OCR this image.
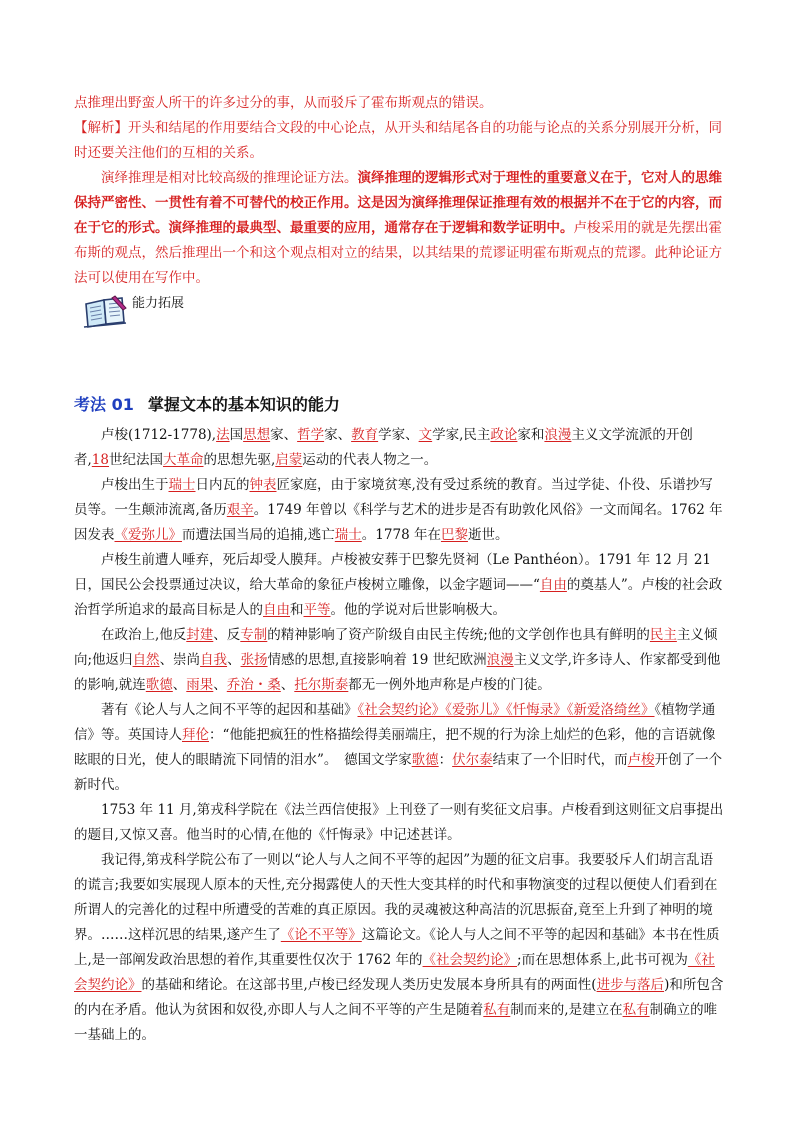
点推理出野蛮人所干的许多过分的事，从而驳斥了霍布斯观点的错误。

【解析】开头和结尾的作用要结合文段的中心论点，从开头和结尾各自的功能与论点的关系分别展开分析，同时还要关注他们的互相的关系。

演绎推理是相对比较高级的推理论证方法。演绎推理的逻辑形式对于理性的重要意义在于，它对人的思维保持严密性、一贯性有着不可替代的校正作用。这是因为演绎推理保证推理有效的根据并不在于它的内容，而在于它的形式。演绎推理的最典型、最重要的应用，通常存在于逻辑和数学证明中。卢梭采用的就是先摆出霍布斯的观点，然后推理出一个和这个观点相对立的结果，以其结果的荒谬证明霍布斯观点的荒谬。此种论证方法可以使用在写作中。

能力拓展
考法 01 掌握文本的基本知识的能力

卢梭(1712-1778),法国思想家、哲学家、教育学家、文学家,民主政论家和浪漫主义文学流派的开创者,18世纪法国大革命的思想先驱,启蒙运动的代表人物之一。

卢梭出生于瑞士日内瓦的钟表匠家庭，由于家境贫寒,没有受过系统的教育。当过学徒、仆役、乐谱抄写员等。一生颠沛流离,备历艰辛。1749 年曾以《科学与艺术的进步是否有助敦化风俗》一文而闻名。1762 年因发表《爱弥儿》而遭法国当局的追捕,逃亡瑞士。1778 年在巴黎逝世。

卢梭生前遭人唾弃，死后却受人膜拜。卢梭被安葬于巴黎先贤祠（Le Panthéon）。1791 年 12 月 21 日，国民公会投票通过决议，给大革命的象征卢梭树立雕像，以金字题词——“自由的奠基人”。卢梭的社会政治哲学所追求的最高目标是人的自由和平等。他的学说对后世影响极大。

在政治上,他反封建、反专制的精神影响了资产阶级自由民主传统;他的文学创作也具有鲜明的民主主义倾向;他返归自然、崇尚自我、张扬情感的思想,直接影响着 19 世纪欧洲浪漫主义文学,许多诗人、作家都受到他的影响,就连歌德、雨果、乔治・桑、托尔斯泰都无一例外地声称是卢梭的门徒。

著有《论人与人之间不平等的起因和基础》《社会契约论》《爱弥儿》《忏悔录》《新爱洛绮丝》《植物学通信》等。英国诗人拜伦：“他能把疯狂的性格描绘得美丽端庄，把不规的行为涂上灿烂的色彩，他的言语就像眩眼的日光，使人的眼睛流下同情的泪水”。　德国文学家歌德：伏尔泰结束了一个旧时代，而卢梭开创了一个新时代。

1753 年 11 月,第戎科学院在《法兰西信使报》上刊登了一则有奖征文启事。卢梭看到这则征文启事提出的题目,又惊又喜。他当时的心情,在他的《忏悔录》中记述甚详。

我记得,第戎科学院公布了一则以“论人与人之间不平等的起因”为题的征文启事。我要驳斥人们胡言乱语的谎言;我要如实展现人原本的天性,充分揭露使人的天性大变其样的时代和事物演变的过程以便使人们看到在所谓人的完善化的过程中所遭受的苦难的真正原因。我的灵魂被这种高洁的沉思振奋,竟至上升到了神明的境界。……这样沉思的结果,遂产生了《论不平等》这篇论文。《论人与人之间不平等的起因和基础》本书在性质上,是一部阐发政治思想的着作,其重要性仅次于 1762 年的《社会契约论》;而在思想体系上,此书可视为《社会契约论》的基础和绪论。在这部书里,卢梭已经发现人类历史发展本身所具有的两面性(进步与落后)和所包含的内在矛盾。他认为贫困和奴役,亦即人与人之间不平等的产生是随着私有制而来的,是建立在私有制确立的唯一基础上的。
